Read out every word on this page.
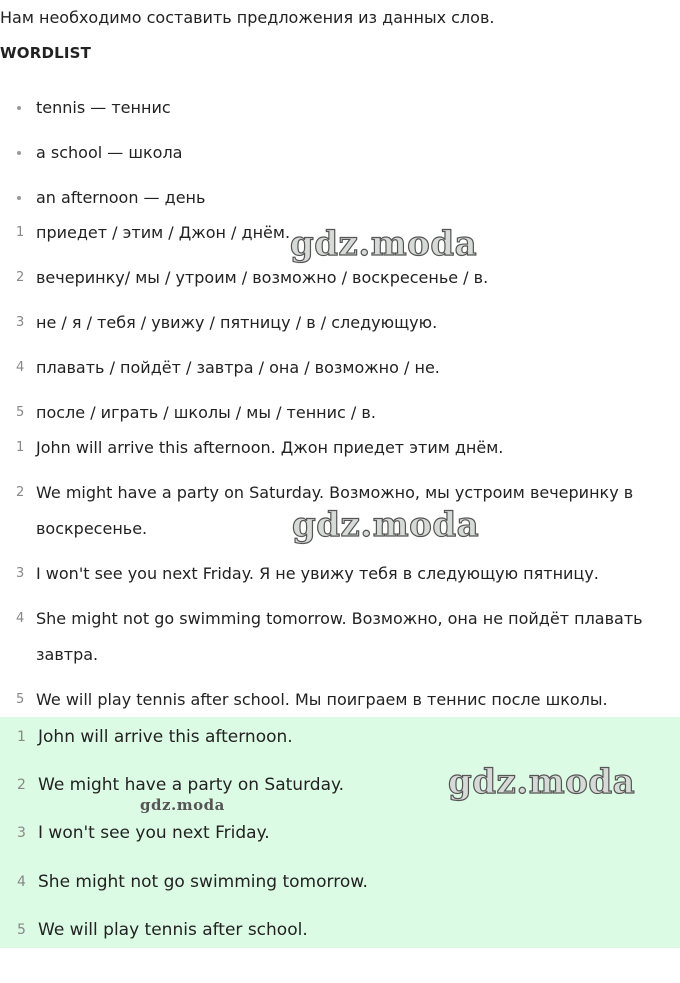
Нам необходимо составить предложения из данных слов.
WORDLIST
tennis — теннис
a school — школа
an afternoon — день
1 приедет / этим / Джон / днём.
2 вечеринку/ мы / утроим / возможно / воскресенье / в.
3 не / я / тебя / увижу / пятницу / в / следующую.
4 плавать / пойдёт / завтра / она / возможно / не.
5 после / играть / школы / мы / теннис / в.
1 John will arrive this afternoon. Джон приедет этим днём.
2 We might have a party on Saturday. Возможно, мы устроим вечеринку в воскресенье.
3 I won't see you next Friday. Я не увижу тебя в следующую пятницу.
4 She might not go swimming tomorrow. Возможно, она не пойдёт плавать завтра.
5 We will play tennis after school. Мы поиграем в теннис после школы.
1 John will arrive this afternoon.
2 We might have a party on Saturday.
3 I won't see you next Friday.
4 She might not go swimming tomorrow.
5 We will play tennis after school.
gdz.moda
gdz.moda
gdz.moda
gdz.moda
